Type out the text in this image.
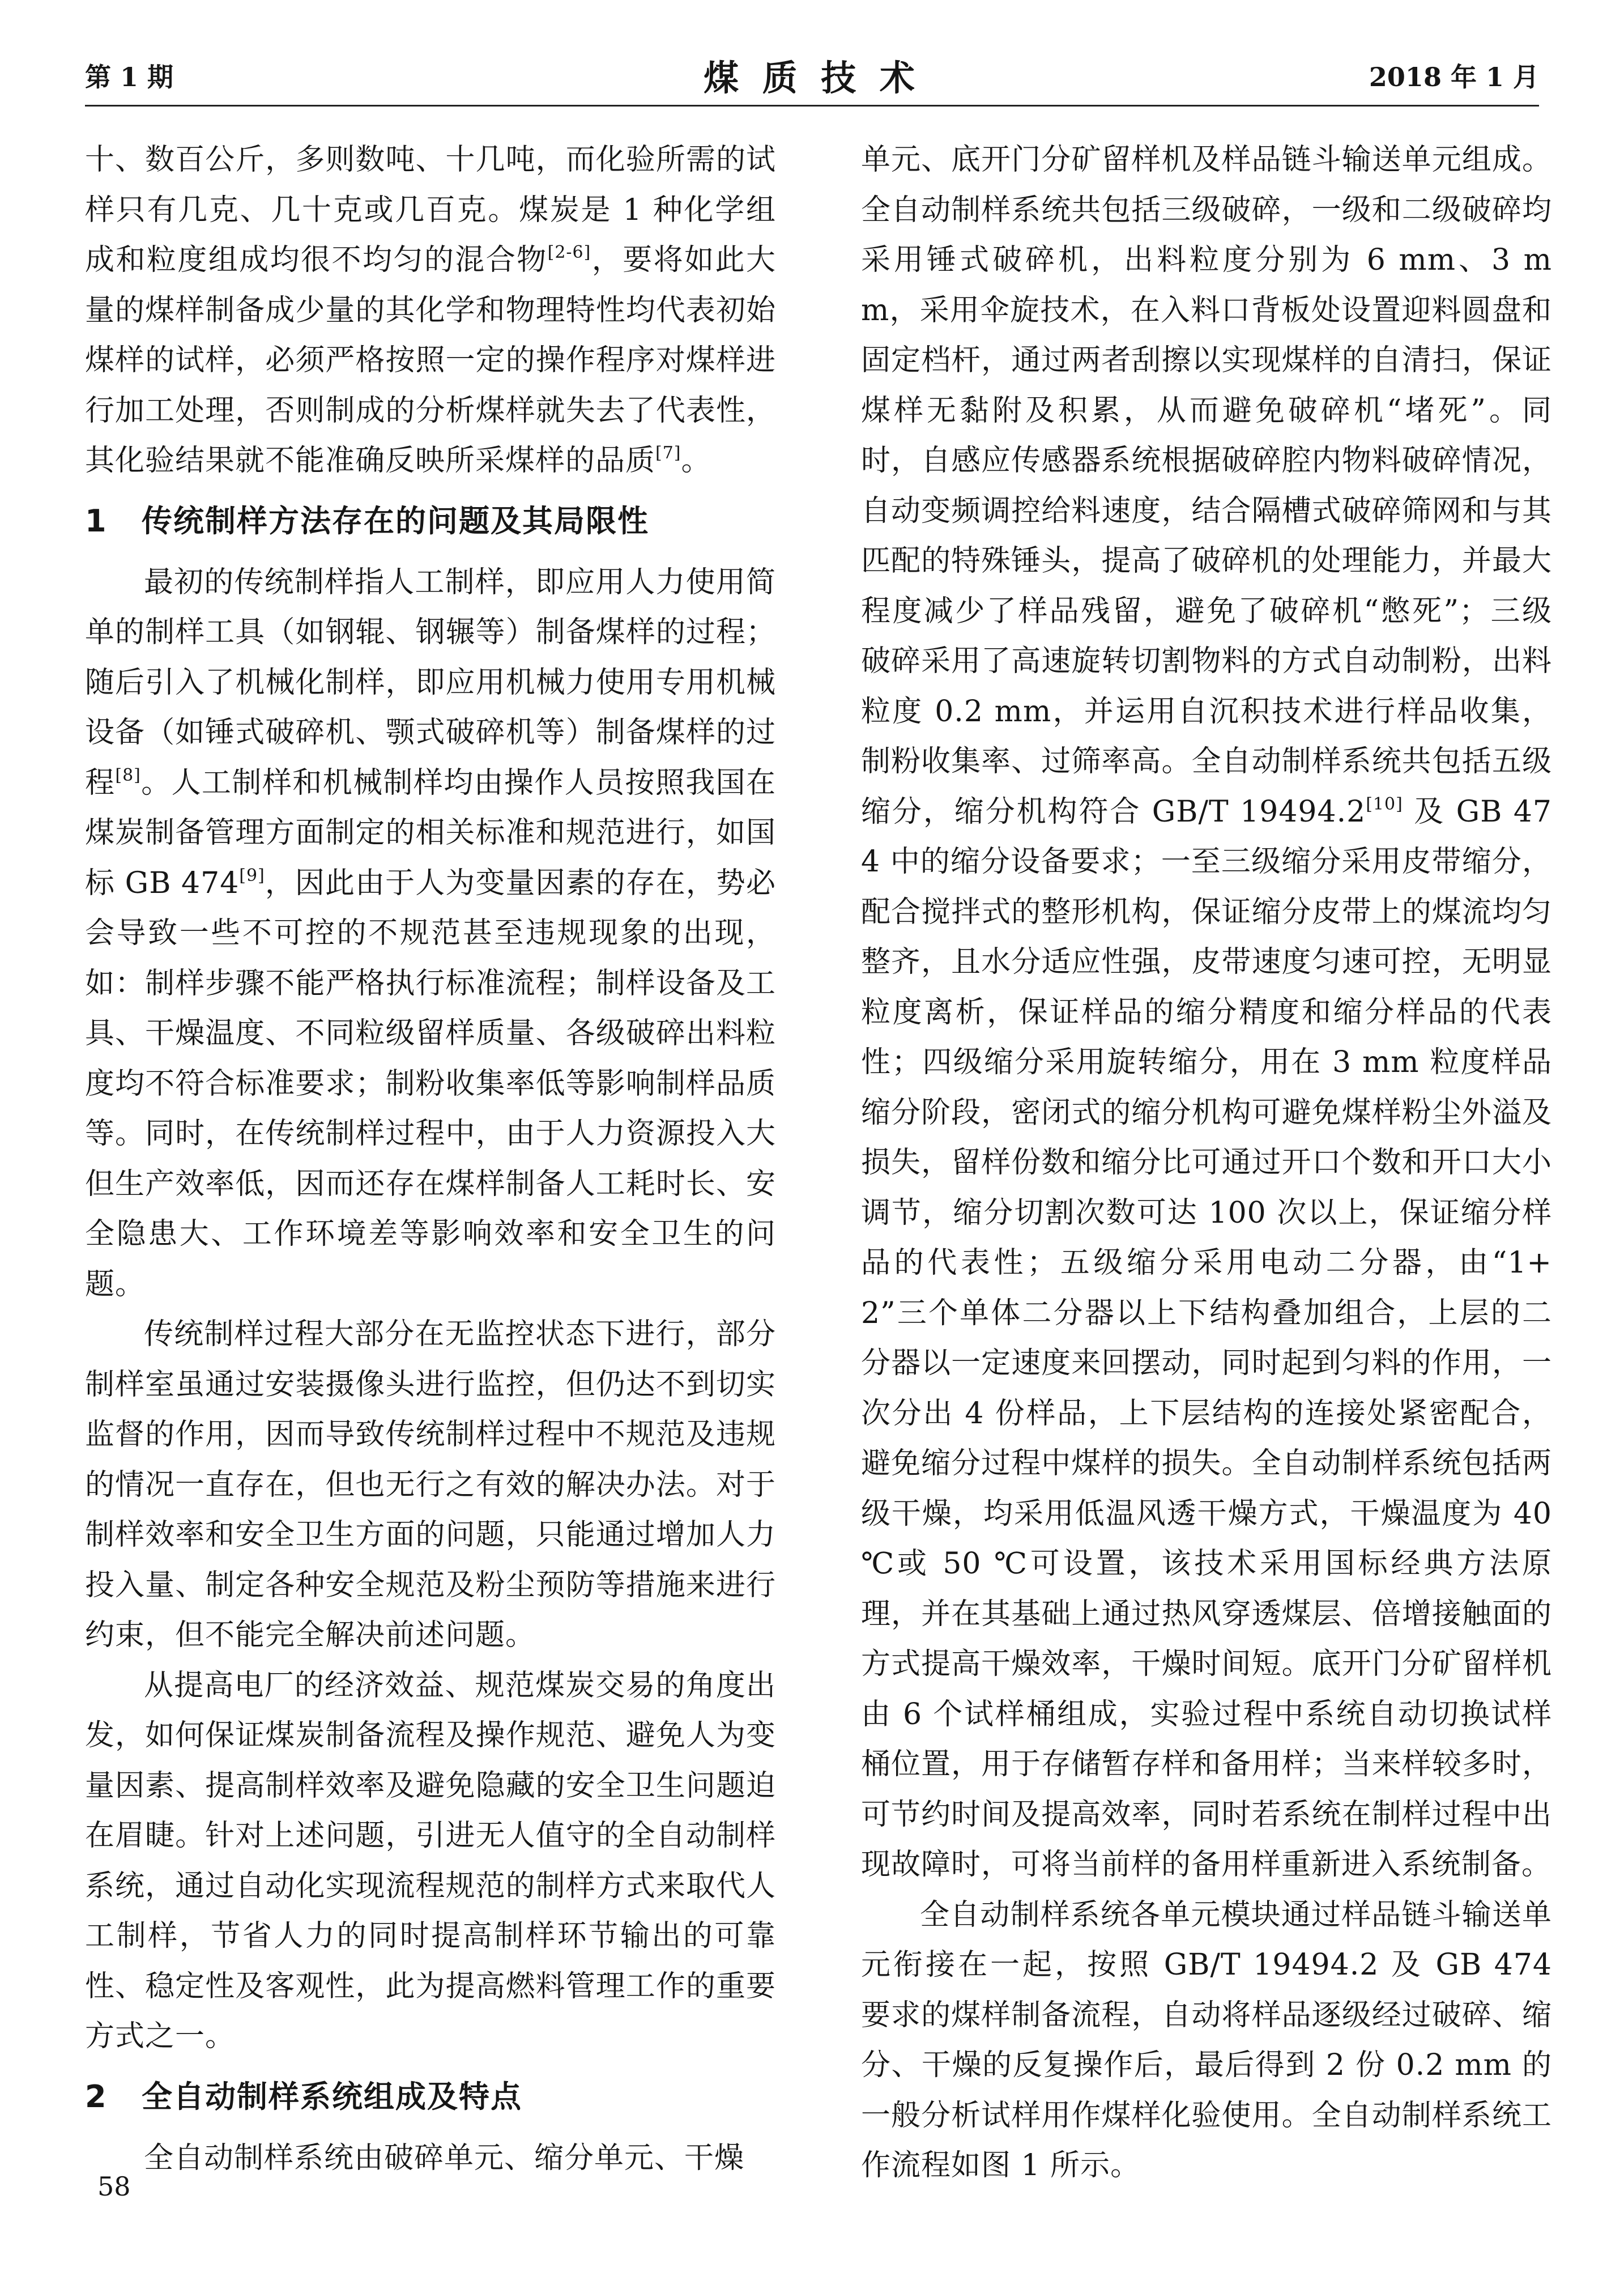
第 1 期	煤 质 技 术	2018 年 1 月

十、数百公斤，多则数吨、十几吨，而化验所需的试样只有几克、几十克或几百克。煤炭是 1 种化学组成和粒度组成均很不均匀的混合物[2-6]，要将如此大量的煤样制备成少量的其化学和物理特性均代表初始煤样的试样，必须严格按照一定的操作程序对煤样进行加工处理，否则制成的分析煤样就失去了代表性，其化验结果就不能准确反映所采煤样的品质[7]。

1 传统制样方法存在的问题及其局限性

最初的传统制样指人工制样，即应用人力使用简单的制样工具（如钢辊、钢辗等）制备煤样的过程；随后引入了机械化制样，即应用机械力使用专用机械设备（如锤式破碎机、颚式破碎机等）制备煤样的过程[8]。人工制样和机械制样均由操作人员按照我国在煤炭制备管理方面制定的相关标准和规范进行，如国标 GB 474[9]，因此由于人为变量因素的存在，势必会导致一些不可控的不规范甚至违规现象的出现，如：制样步骤不能严格执行标准流程；制样设备及工具、干燥温度、不同粒级留样质量、各级破碎出料粒度均不符合标准要求；制粉收集率低等影响制样品质等。同时，在传统制样过程中，由于人力资源投入大但生产效率低，因而还存在煤样制备人工耗时长、安全隐患大、工作环境差等影响效率和安全卫生的问题。

传统制样过程大部分在无监控状态下进行，部分制样室虽通过安装摄像头进行监控，但仍达不到切实监督的作用，因而导致传统制样过程中不规范及违规的情况一直存在，但也无行之有效的解决办法。对于制样效率和安全卫生方面的问题，只能通过增加人力投入量、制定各种安全规范及粉尘预防等措施来进行约束，但不能完全解决前述问题。

从提高电厂的经济效益、规范煤炭交易的角度出发，如何保证煤炭制备流程及操作规范、避免人为变量因素、提高制样效率及避免隐藏的安全卫生问题迫在眉睫。针对上述问题，引进无人值守的全自动制样系统，通过自动化实现流程规范的制样方式来取代人工制样，节省人力的同时提高制样环节输出的可靠性、稳定性及客观性，此为提高燃料管理工作的重要方式之一。

2 全自动制样系统组成及特点

全自动制样系统由破碎单元、缩分单元、干燥

单元、底开门分矿留样机及样品链斗输送单元组成。全自动制样系统共包括三级破碎，一级和二级破碎均采用锤式破碎机，出料粒度分别为 6 mm、3 mm，采用伞旋技术，在入料口背板处设置迎料圆盘和固定档杆，通过两者刮擦以实现煤样的自清扫，保证煤样无黏附及积累，从而避免破碎机“堵死”。同时，自感应传感器系统根据破碎腔内物料破碎情况，自动变频调控给料速度，结合隔槽式破碎筛网和与其匹配的特殊锤头，提高了破碎机的处理能力，并最大程度减少了样品残留，避免了破碎机“憋死”；三级破碎采用了高速旋转切割物料的方式自动制粉，出料粒度 0.2 mm，并运用自沉积技术进行样品收集，制粉收集率、过筛率高。全自动制样系统共包括五级缩分，缩分机构符合 GB/T 19494.2[10] 及 GB 474 中的缩分设备要求；一至三级缩分采用皮带缩分，配合搅拌式的整形机构，保证缩分皮带上的煤流均匀整齐，且水分适应性强，皮带速度匀速可控，无明显粒度离析，保证样品的缩分精度和缩分样品的代表性；四级缩分采用旋转缩分，用在 3 mm 粒度样品缩分阶段，密闭式的缩分机构可避免煤样粉尘外溢及损失，留样份数和缩分比可通过开口个数和开口大小调节，缩分切割次数可达 100 次以上，保证缩分样品的代表性；五级缩分采用电动二分器，由“1+2”三个单体二分器以上下结构叠加组合，上层的二分器以一定速度来回摆动，同时起到匀料的作用，一次分出 4 份样品，上下层结构的连接处紧密配合，避免缩分过程中煤样的损失。全自动制样系统包括两级干燥，均采用低温风透干燥方式，干燥温度为 40 ℃或 50 ℃可设置，该技术采用国标经典方法原理，并在其基础上通过热风穿透煤层、倍增接触面的方式提高干燥效率，干燥时间短。底开门分矿留样机由 6 个试样桶组成，实验过程中系统自动切换试样桶位置，用于存储暂存样和备用样；当来样较多时，可节约时间及提高效率，同时若系统在制样过程中出现故障时，可将当前样的备用样重新进入系统制备。

全自动制样系统各单元模块通过样品链斗输送单元衔接在一起，按照 GB/T 19494.2 及 GB 474 要求的煤样制备流程，自动将样品逐级经过破碎、缩分、干燥的反复操作后，最后得到 2 份 0.2 mm 的一般分析试样用作煤样化验使用。全自动制样系统工作流程如图 1 所示。

58
